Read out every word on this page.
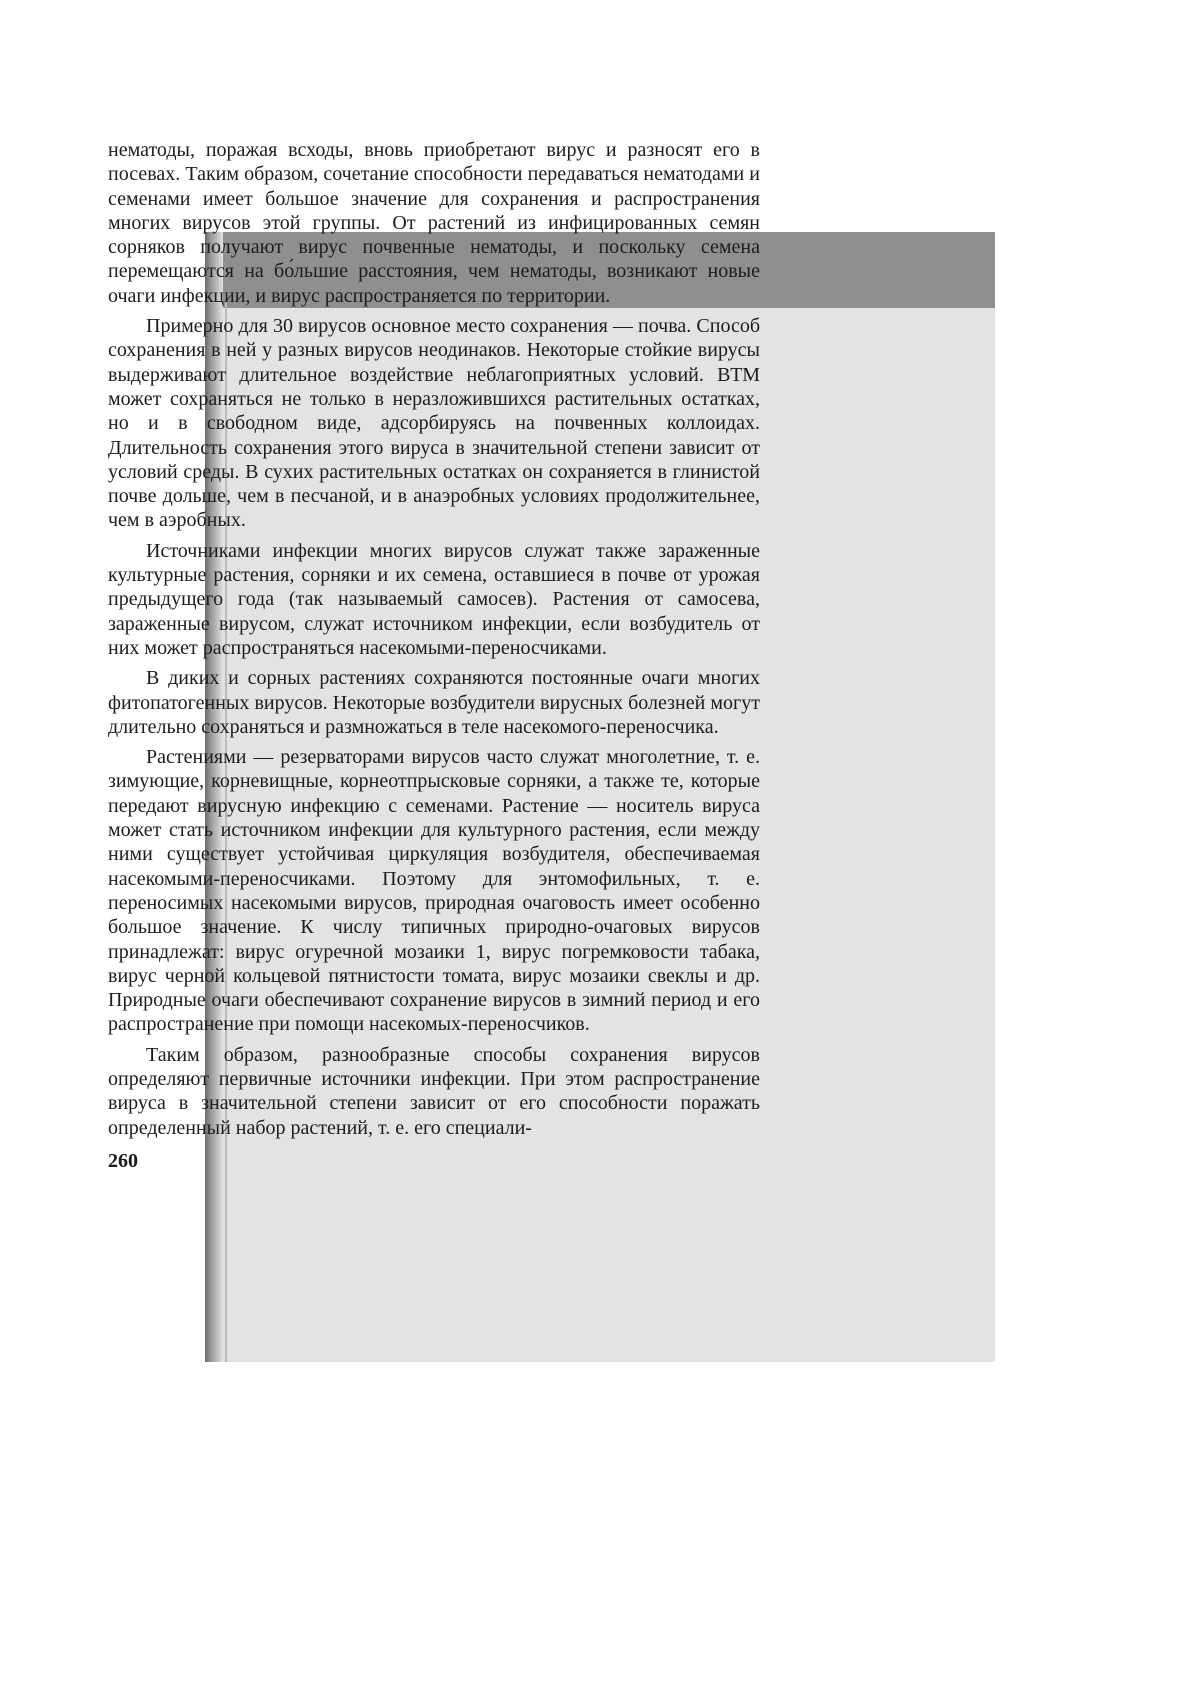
нематоды, поражая всходы, вновь приобретают вирус и разносят его в посевах. Таким образом, сочетание способности передаваться нематодами и семенами имеет большое значение для сохранения и распространения многих вирусов этой группы. От растений из инфицированных семян сорняков получают вирус почвенные нематоды, и поскольку семена перемещаются на бо́льшие расстояния, чем нематоды, возникают новые очаги инфекции, и вирус распространяется по территории.

Примерно для 30 вирусов основное место сохранения — почва. Способ сохранения в ней у разных вирусов неодинаков. Некоторые стойкие вирусы выдерживают длительное воздействие неблагоприятных условий. ВТМ может сохраняться не только в неразложившихся растительных остатках, но и в свободном виде, адсорбируясь на почвенных коллоидах. Длительность сохранения этого вируса в значительной степени зависит от условий среды. В сухих растительных остатках он сохраняется в глинистой почве дольше, чем в песчаной, и в анаэробных условиях продолжительнее, чем в аэробных.

Источниками инфекции многих вирусов служат также зараженные культурные растения, сорняки и их семена, оставшиеся в почве от урожая предыдущего года (так называемый самосев). Растения от самосева, зараженные вирусом, служат источником инфекции, если возбудитель от них может распространяться насекомыми-переносчиками.

В диких и сорных растениях сохраняются постоянные очаги многих фитопатогенных вирусов. Некоторые возбудители вирусных болезней могут длительно сохраняться и размножаться в теле насекомого-переносчика.

Растениями — резерваторами вирусов часто служат многолетние, т. е. зимующие, корневищные, корнеотпрысковые сорняки, а также те, которые передают вирусную инфекцию с семенами. Растение — носитель вируса может стать источником инфекции для культурного растения, если между ними существует устойчивая циркуляция возбудителя, обеспечиваемая насекомыми-переносчиками. Поэтому для энтомофильных, т. е. переносимых насекомыми вирусов, природная очаговость имеет особенно большое значение. К числу типичных природно-очаговых вирусов принадлежат: вирус огуречной мозаики 1, вирус погремковости табака, вирус черной кольцевой пятнистости томата, вирус мозаики свеклы и др. Природные очаги обеспечивают сохранение вирусов в зимний период и его распространение при помощи насекомых-переносчиков.

Таким образом, разнообразные способы сохранения вирусов определяют первичные источники инфекции. При этом распространение вируса в значительной степени зависит от его способности поражать определенный набор растений, т. е. его специали-

260
